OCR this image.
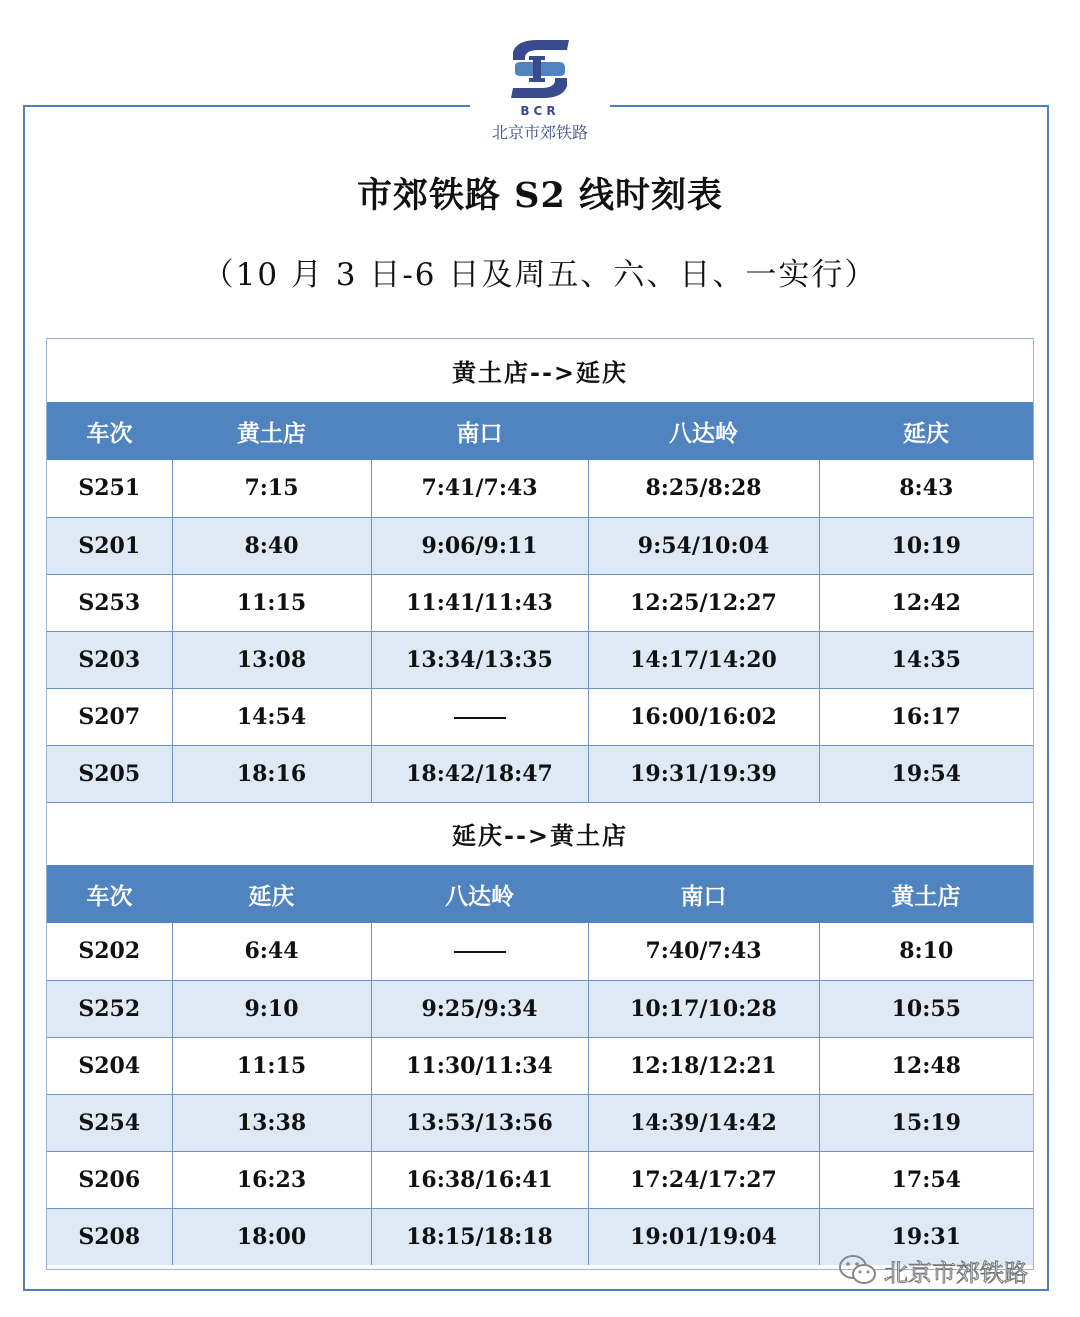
BCR
北京市郊铁路
市郊铁路 S2 线时刻表
（10 月 3 日-6 日及周五、六、日、一实行）
黄土店-->延庆				
车次	黄土店	南口	八达岭	延庆
S251	7:15	7:41/7:43	8:25/8:28	8:43
S201	8:40	9:06/9:11	9:54/10:04	10:19
S253	11:15	11:41/11:43	12:25/12:27	12:42
S203	13:08	13:34/13:35	14:17/14:20	14:35
S207	14:54		16:00/16:02	16:17
S205	18:16	18:42/18:47	19:31/19:39	19:54
延庆-->黄土店				
车次	延庆	八达岭	南口	黄土店
S202	6:44		7:40/7:43	8:10
S252	9:10	9:25/9:34	10:17/10:28	10:55
S204	11:15	11:30/11:34	12:18/12:21	12:48
S254	13:38	13:53/13:56	14:39/14:42	15:19
S206	16:23	16:38/16:41	17:24/17:27	17:54
S208	18:00	18:15/18:18	19:01/19:04	19:31
北京市郊铁路
